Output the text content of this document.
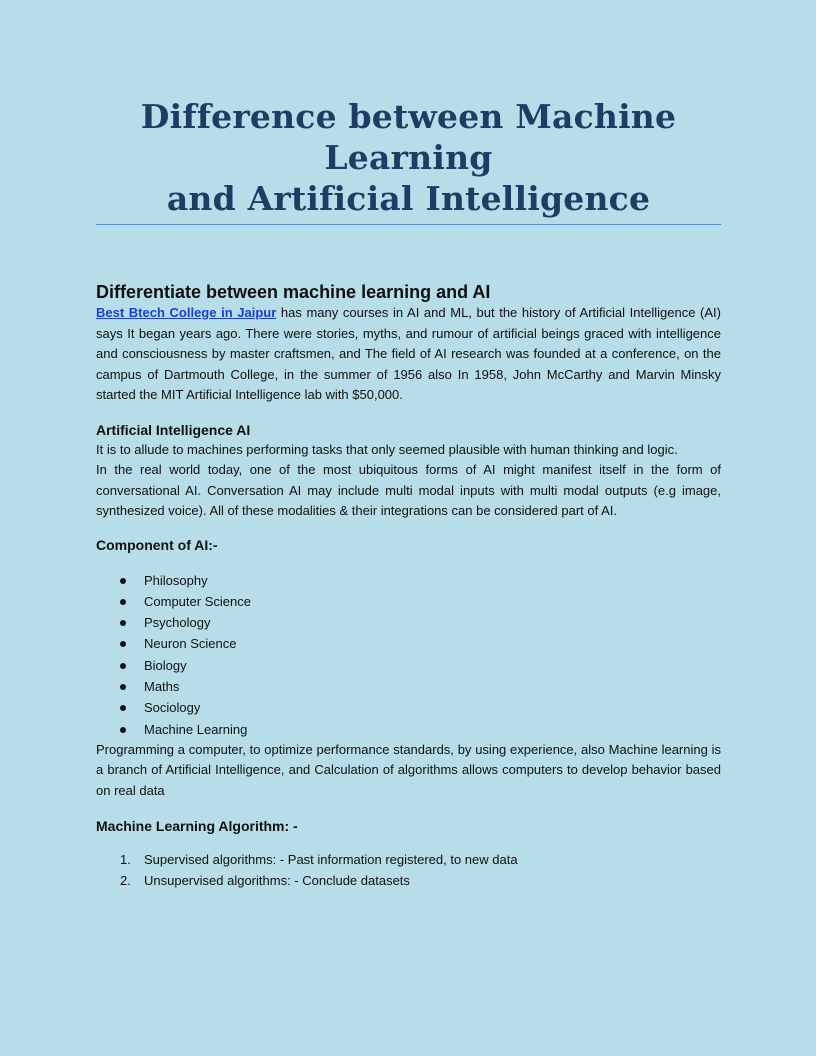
Difference between Machine Learning
and Artificial Intelligence
Differentiate between machine learning and AI

Best Btech College in Jaipur has many courses in AI and ML, but the history of Artificial Intelligence (AI) says It began years ago. There were stories, myths, and rumour of artificial beings graced with intelligence and consciousness by master craftsmen, and The field of AI research was founded at a conference, on the campus of Dartmouth College, in the summer of 1956 also In 1958, John McCarthy and Marvin Minsky started the MIT Artificial Intelligence lab with $50,000.

Artificial Intelligence AI

It is to allude to machines performing tasks that only seemed plausible with human thinking and logic.

In the real world today, one of the most ubiquitous forms of AI might manifest itself in the form of conversational AI. Conversation AI may include multi modal inputs with multi modal outputs (e.g image, synthesized voice). All of these modalities & their integrations can be considered part of AI.

Component of AI:-
Philosophy
Computer Science
Psychology
Neuron Science
Biology
Maths
Sociology
Machine Learning

Programming a computer, to optimize performance standards, by using experience, also Machine learning is a branch of Artificial Intelligence, and Calculation of algorithms allows computers to develop behavior based on real data

Machine Learning Algorithm: -
1. Supervised algorithms: - Past information registered, to new data
2. Unsupervised algorithms: - Conclude datasets
